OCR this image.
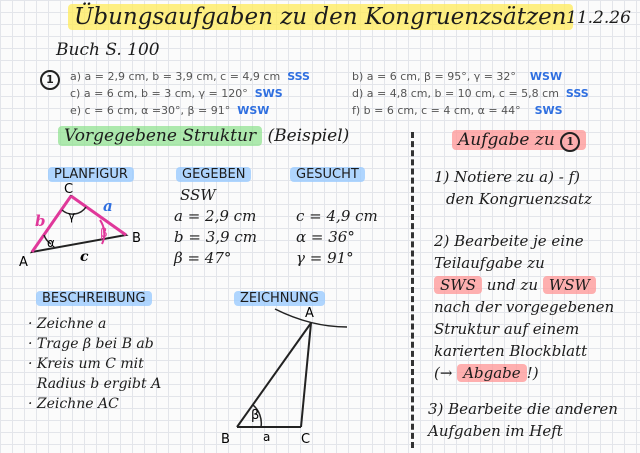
Übungsaufgaben zu den Kongruenzsätzen 11.2.26
Buch S. 100
1	a) a = 2,9 cm, b = 3,9 cm, c = 4,9 cm SSS	b) a = 6 cm, β = 95°, γ = 32° WSW
c) a = 6 cm, b = 3 cm, γ = 120° SWS	d) a = 4,8 cm, b = 10 cm, c = 5,8 cm SSS
e) c = 6 cm, α =30°, β = 91° WSW	f) b = 6 cm, c = 4 cm, α = 44° SWS
Vorgegebene Struktur (Beispiel)
PLANFIGUR	GEGEBEN	GESUCHT
A
B
C
a
b
c
α
β
γ
SSW
a = 2,9 cm
b = 3,9 cm
β = 47°
c = 4,9 cm
α = 36°
γ = 91°
BESCHREIBUNG
· Zeichne a
· Trage β bei B ab
· Kreis um C mit
Radius b ergibt A
· Zeichne AC
ZEICHNUNG
A
B	C
a
β
Aufgabe zu 1
1) Notiere zu a) - f)
den Kongruenzsatz
2) Bearbeite je eine
Teilaufgabe zu
SWS und zu WSW
nach der vorgegebenen
Struktur auf einem
karierten Blockblatt
(→ Abgabe !)
3) Bearbeite die anderen
Aufgaben im Heft
